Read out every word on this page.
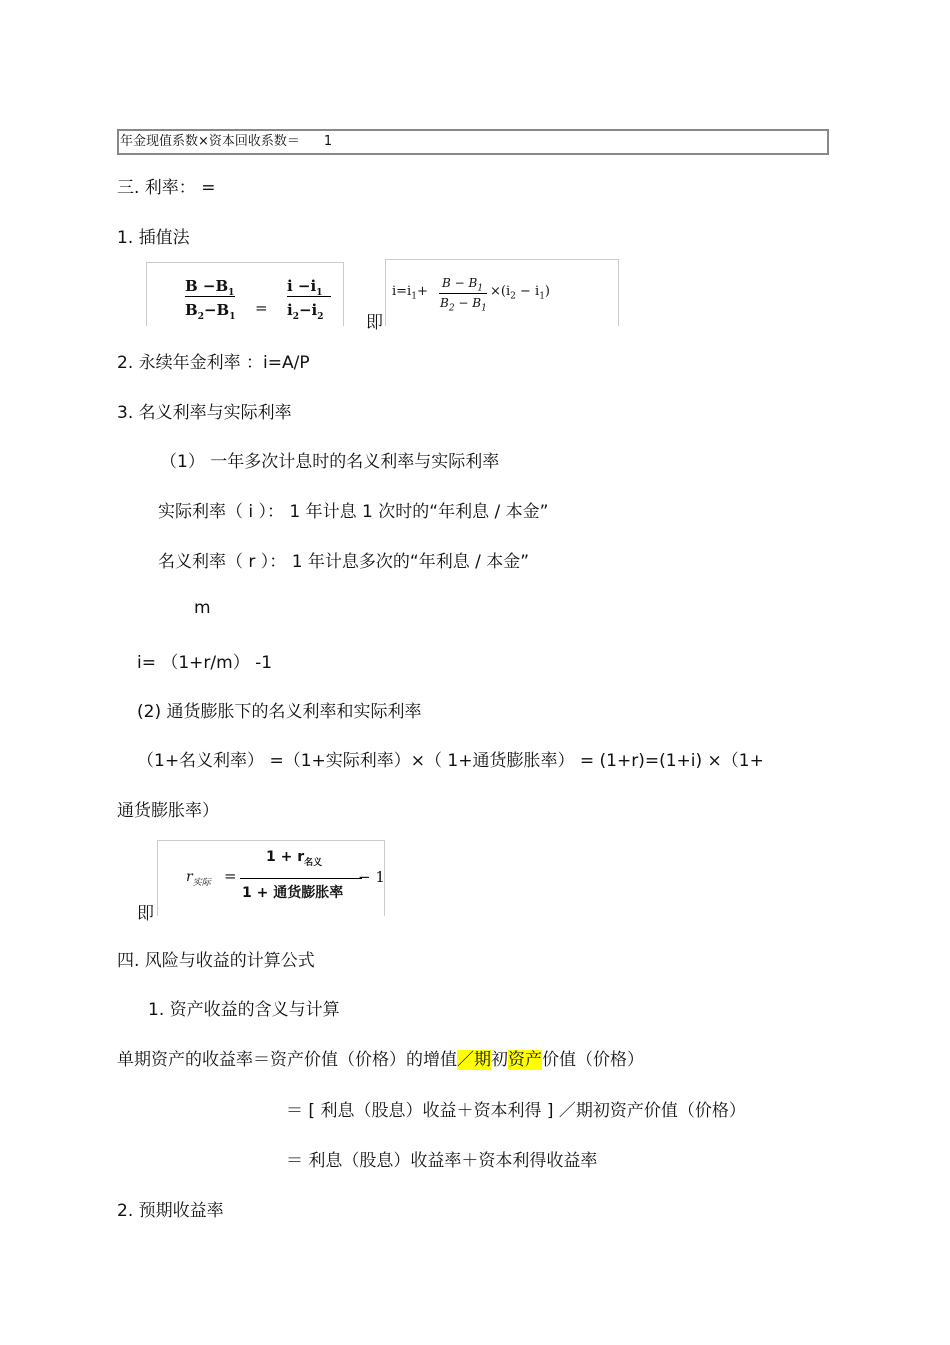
年金现值系数×资本回收系数＝ 1
三. 利率： =
1. 插值法
$B -B_1$
$B_2-B_1$ =
$i -i_1$
$i_2-i_2$ 即
$i=i_1+$
$B - B_1$
$B_2 - B_1$
$\times(i_2 - i_1)$
2. 永续年金利率 ：i=A/P
3. 名义利率与实际利率
（1） 一年多次计息时的名义利率与实际利率
实际利率（ i ）： 1 年计息 1 次时的“年利息 / 本金”
名义利率（ r ）： 1 年计息多次的“年利息 / 本金”
m
i= （1+r/m） -1
(2) 通货膨胀下的名义利率和实际利率
（1+名义利率） =（1+实际利率）×（ 1+通货膨胀率） = (1+r)=(1+i) ×（1+
通货膨胀率）
$r_{实际}$ =
$1 + r_{名义}$
1 + 通货膨胀率
− 1
即
四. 风险与收益的计算公式
1. 资产收益的含义与计算
单期资产的收益率＝资产价值（价格）的增值／期初资产价值（价格）
＝ [ 利息（股息）收益＋资本利得 ] ／期初资产价值（价格）
＝ 利息（股息）收益率＋资本利得收益率
2. 预期收益率
